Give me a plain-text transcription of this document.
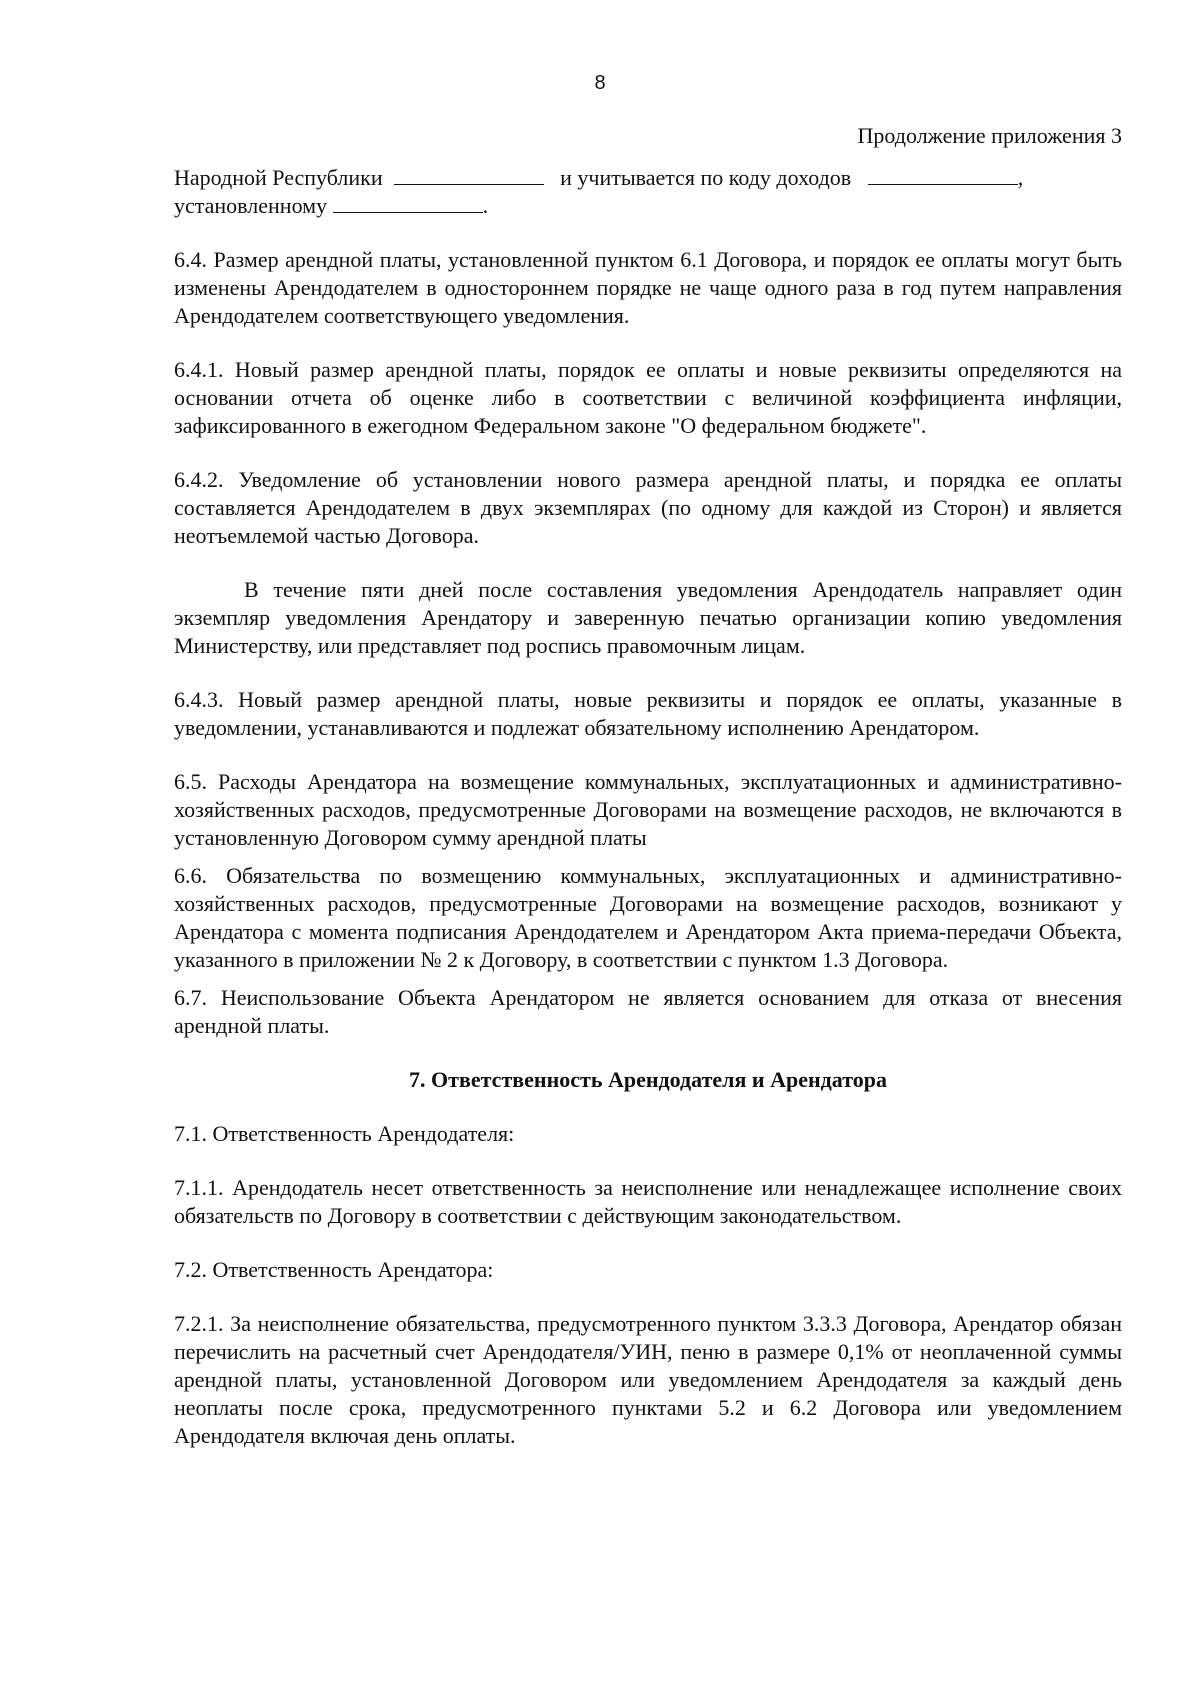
8
Продолжение приложения 3

Народной Республики	и учитывается по коду доходов	,
установленному	.

6.4. Размер арендной платы, установленной пунктом 6.1 Договора, и порядок ее оплаты могут быть изменены Арендодателем в одностороннем порядке не чаще одного раза в год путем направления Арендодателем соответствующего уведомления.

6.4.1. Новый размер арендной платы, порядок ее оплаты и новые реквизиты определяются на основании отчета об оценке либо в соответствии с величиной коэффициента инфляции, зафиксированного в ежегодном Федеральном законе "О федеральном бюджете".

6.4.2. Уведомление об установлении нового размера арендной платы, и порядка ее оплаты составляется Арендодателем в двух экземплярах (по одному для каждой из Сторон) и является неотъемлемой частью Договора.

В течение пяти дней после составления уведомления Арендодатель направляет один экземпляр уведомления Арендатору и заверенную печатью организации копию уведомления Министерству, или представляет под роспись правомочным лицам.

6.4.3. Новый размер арендной платы, новые реквизиты и порядок ее оплаты, указанные в уведомлении, устанавливаются и подлежат обязательному исполнению Арендатором.

6.5. Расходы Арендатора на возмещение коммунальных, эксплуатационных и административно-хозяйственных расходов, предусмотренные Договорами на возмещение расходов, не включаются в установленную Договором сумму арендной платы

6.6. Обязательства по возмещению коммунальных, эксплуатационных и административно-хозяйственных расходов, предусмотренные Договорами на возмещение расходов, возникают у Арендатора с момента подписания Арендодателем и Арендатором Акта приема-передачи Объекта, указанного в приложении № 2 к Договору, в соответствии с пунктом 1.3 Договора.

6.7. Неиспользование Объекта Арендатором не является основанием для отказа от внесения арендной платы.

7. Ответственность Арендодателя и Арендатора

7.1. Ответственность Арендодателя:

7.1.1. Арендодатель несет ответственность за неисполнение или ненадлежащее исполнение своих обязательств по Договору в соответствии с действующим законодательством.

7.2. Ответственность Арендатора:

7.2.1. За неисполнение обязательства, предусмотренного пунктом 3.3.3 Договора, Арендатор обязан перечислить на расчетный счет Арендодателя/УИН, пеню в размере 0,1% от неоплаченной суммы арендной платы, установленной Договором или уведомлением Арендодателя за каждый день неоплаты после срока, предусмотренного пунктами 5.2 и 6.2 Договора или уведомлением Арендодателя включая день оплаты.
